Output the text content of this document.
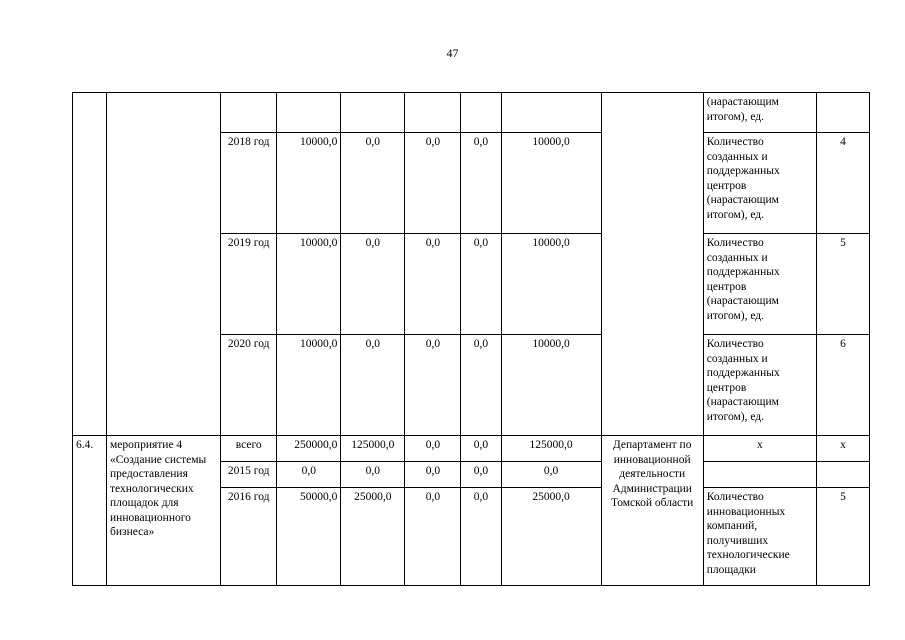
47
									(нарастающим итогом), ед.	
		2018 год	10000,0	0,0	0,0	0,0	10000,0		Количество созданных и поддержанных центров (нарастающим итогом), ед.	4
		2019 год	10000,0	0,0	0,0	0,0	10000,0		Количество созданных и поддержанных центров (нарастающим итогом), ед.	5
		2020 год	10000,0	0,0	0,0	0,0	10000,0		Количество созданных и поддержанных центров (нарастающим итогом), ед.	6
6.4.	мероприятие 4 «Создание системы предоставления технологических площадок для инновационного бизнеса»	всего	250000,0	125000,0	0,0	0,0	125000,0	Департамент по инновационной деятельности Администрации Томской области	x	x
		2015 год	0,0	0,0	0,0	0,0	0,0			
		2016 год	50000,0	25000,0	0,0	0,0	25000,0		Количество инновационных компаний, получивших технологические площадки	5
